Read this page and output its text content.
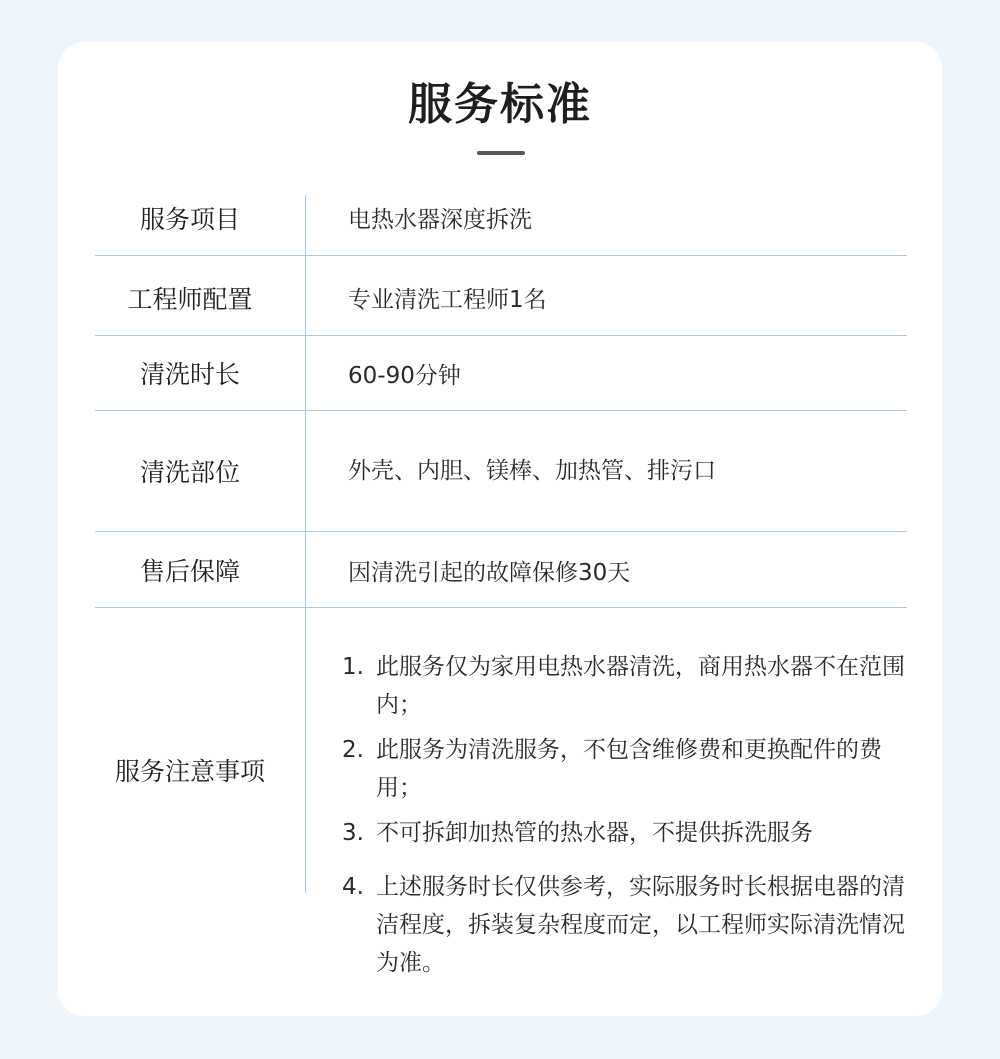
服务标准
服务项目	电热水器深度拆洗
工程师配置	专业清洗工程师1名
清洗时长	60-90分钟
清洗部位	外壳、内胆、镁棒、加热管、排污口
售后保障	因清洗引起的故障保修30天
服务注意事项
1. 此服务仅为家用电热水器清洗，商用热水器不在范围内；
2. 此服务为清洗服务，不包含维修费和更换配件的费用；
3. 不可拆卸加热管的热水器，不提供拆洗服务
4. 上述服务时长仅供参考，实际服务时长根据电器的清洁程度，拆装复杂程度而定，以工程师实际清洗情况为准。
